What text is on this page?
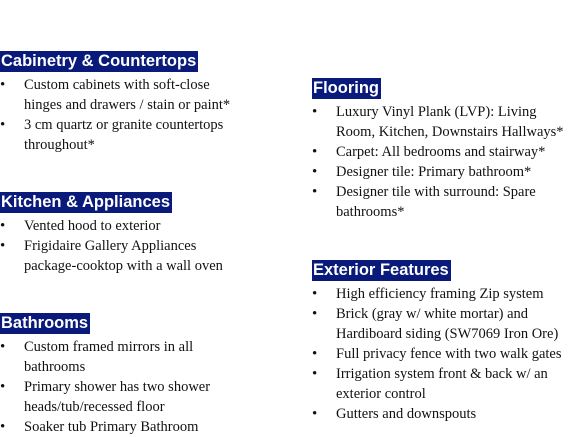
Cabinetry & Countertops
• Custom cabinets with soft-close
hinges and drawers / stain or paint*
• 3 cm quartz or granite countertops
throughout*
Kitchen & Appliances
• Vented hood to exterior
• Frigidaire Gallery Appliances
package-cooktop with a wall oven
Bathrooms
• Custom framed mirrors in all
bathrooms
• Primary shower has two shower
heads/tub/recessed floor
• Soaker tub Primary Bathroom
Flooring
• Luxury Vinyl Plank (LVP): Living
Room, Kitchen, Downstairs Hallways*
• Carpet: All bedrooms and stairway*
• Designer tile: Primary bathroom*
• Designer tile with surround: Spare
bathrooms*
Exterior Features
• High efficiency framing Zip system
• Brick (gray w/ white mortar) and
Hardiboard siding (SW7069 Iron Ore)
• Full privacy fence with two walk gates
• Irrigation system front & back w/ an
exterior control
• Gutters and downspouts
